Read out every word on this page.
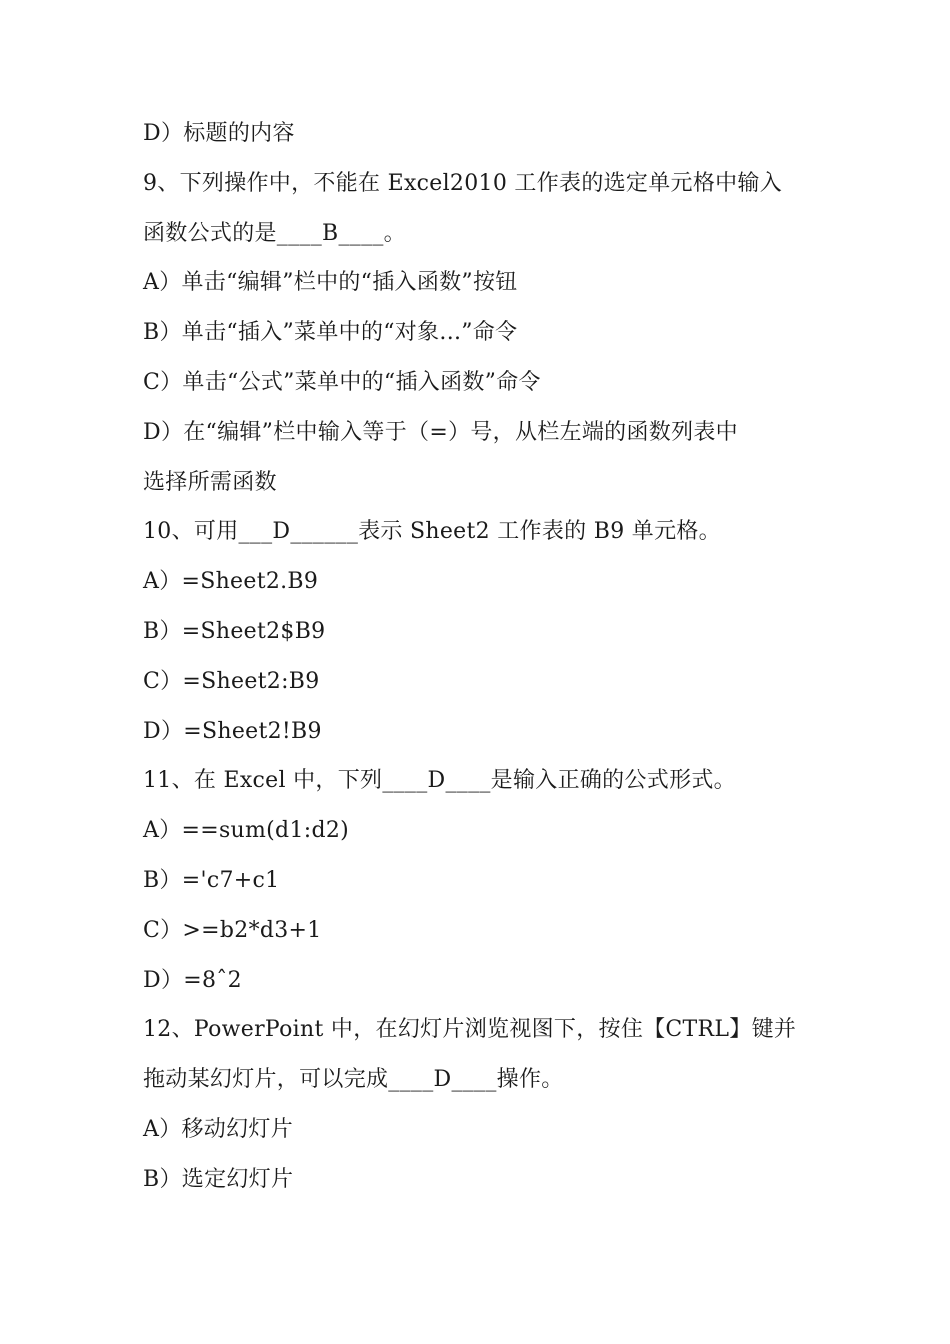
D）标题的内容
9、下列操作中，不能在 Excel2010 工作表的选定单元格中输入
函数公式的是____B____。
A）单击“编辑”栏中的“插入函数”按钮
B）单击“插入”菜单中的“对象...”命令
C）单击“公式”菜单中的“插入函数”命令
D）在“编辑”栏中输入等于（=）号，从栏左端的函数列表中
选择所需函数
10、可用___D______表示 Sheet2 工作表的 B9 单元格。
A）=Sheet2.B9
B）=Sheet2$B9
C）=Sheet2:B9
D）=Sheet2!B9
11、在 Excel 中，下列____D____是输入正确的公式形式。
A）==sum(d1:d2)
B）='c7+c1
C）>=b2*d3+1
D）=8ˆ2
12、PowerPoint 中，在幻灯片浏览视图下，按住【CTRL】键并
拖动某幻灯片，可以完成____D____操作。
A）移动幻灯片
B）选定幻灯片
